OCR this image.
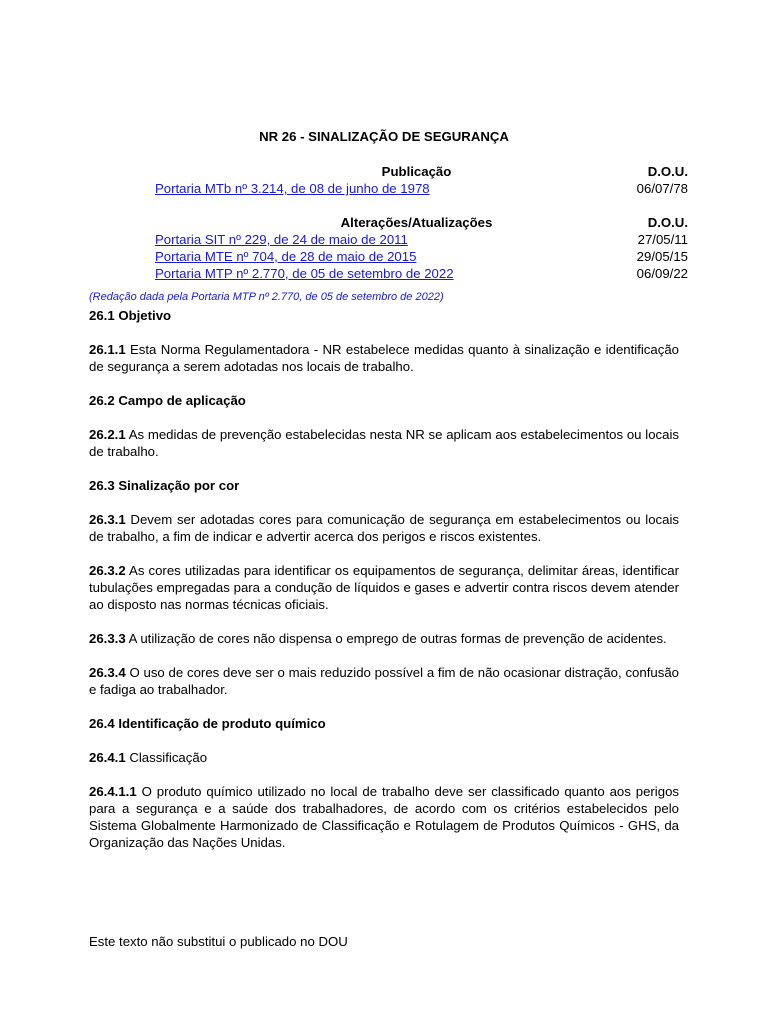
NR 26 - SINALIZAÇÃO DE SEGURANÇA
Publicação	D.O.U.
Portaria MTb nº 3.214, de 08 de junho de 1978	06/07/78
Alterações/Atualizações	D.O.U.
Portaria SIT nº 229, de 24 de maio de 2011	27/05/11
Portaria MTE nº 704, de 28 de maio de 2015	29/05/15
Portaria MTP nº 2.770, de 05 de setembro de 2022	06/09/22
(Redação dada pela Portaria MTP nº 2.770, de 05 de setembro de 2022)
26.1 Objetivo

26.1.1 Esta Norma Regulamentadora - NR estabelece medidas quanto à sinalização e identificação de segurança a serem adotadas nos locais de trabalho.

26.2 Campo de aplicação

26.2.1 As medidas de prevenção estabelecidas nesta NR se aplicam aos estabelecimentos ou locais de trabalho.

26.3 Sinalização por cor

26.3.1 Devem ser adotadas cores para comunicação de segurança em estabelecimentos ou locais de trabalho, a fim de indicar e advertir acerca dos perigos e riscos existentes.

26.3.2 As cores utilizadas para identificar os equipamentos de segurança, delimitar áreas, identificar tubulações empregadas para a condução de líquidos e gases e advertir contra riscos devem atender ao disposto nas normas técnicas oficiais.

26.3.3 A utilização de cores não dispensa o emprego de outras formas de prevenção de acidentes.

26.3.4 O uso de cores deve ser o mais reduzido possível a fim de não ocasionar distração, confusão e fadiga ao trabalhador.

26.4 Identificação de produto químico

26.4.1 Classificação

26.4.1.1 O produto químico utilizado no local de trabalho deve ser classificado quanto aos perigos para a segurança e a saúde dos trabalhadores, de acordo com os critérios estabelecidos pelo Sistema Globalmente Harmonizado de Classificação e Rotulagem de Produtos Químicos - GHS, da Organização das Nações Unidas.

Este texto não substitui o publicado no DOU
